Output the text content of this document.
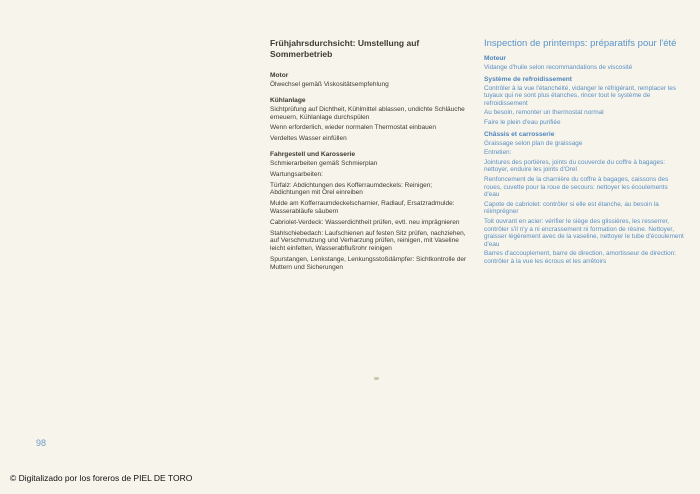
Frühjahrsdurchsicht: Umstellung auf Sommerbetrieb
Motor
Ölwechsel gemäß Viskositätsempfehlung
Kühlanlage
Sichtprüfung auf Dichtheit, Kühlmittel ablassen, undichte Schläuche erneuern, Kühlanlage durchspülen
Wenn erforderlich, wieder normalen Thermostat einbauen
Verdeltes Wasser einfüllen
Fahrgestell und Karosserie
Schmierarbeiten gemäß Schmierplan
Wartungsarbeiten:
Türfalz: Abdichtungen des Kofferraumdeckels: Reinigen; Abdichtungen mit Orel einreiben
Mulde am Kofferraumdeckelscharnier, Radlauf, Ersatzradmulde: Wasserabläufe säubern
Cabriolet-Verdeck: Wasserdichtheit prüfen, evtl. neu imprägnieren
Stahlschiebedach: Laufschienen auf festen Sitz prüfen, nachziehen, auf Verschmutzung und Verharzung prüfen, reinigen, mit Vaseline leicht einfetten, Wasserabflußrohr reinigen
Spurstangen, Lenkstange, Lenkungsstoßdämpfer: Sichtkontrolle der Muttern und Sicherungen
Inspection de printemps: préparatifs pour l'été
Moteur
Vidange d'huile selon recommandations de viscosité
Système de refroidissement
Contrôler à la vue l'étanchéité, vidanger le réfrigérant, remplacer les tuyaux qui ne sont plus étanches, rincer tout le système de refroidissement
Au besoin, remonter un thermostat normal
Faire le plein d'eau purifiée
Châssis et carrosserie
Graissage selon plan de graissage
Entretien:
Jointures des portières, joints du couvercle du coffre à bagages: nettoyer, enduire les joints d'Orel
Renfoncement de la charnière du coffre à bagages, caissons des roues, cuvette pour la roue de secours: nettoyer les écoulements d'eau
Capote de cabriolet: contrôler si elle est étanche, au besoin la réimprégner
Toit ouvrant en acier: vérifier le siège des glissières, les resserrer, contrôler s'il n'y a ni encrassement ni formation de résine. Nettoyer, graisser légèrement avec de la vaseline, nettoyer le tube d'écoulement d'eau
Barres d'accouplement, barre de direction, amortisseur de direction: contrôler à la vue les écrous et les arrêtoirs
98
© Digitalizado por los foreros de PIEL DE TORO
